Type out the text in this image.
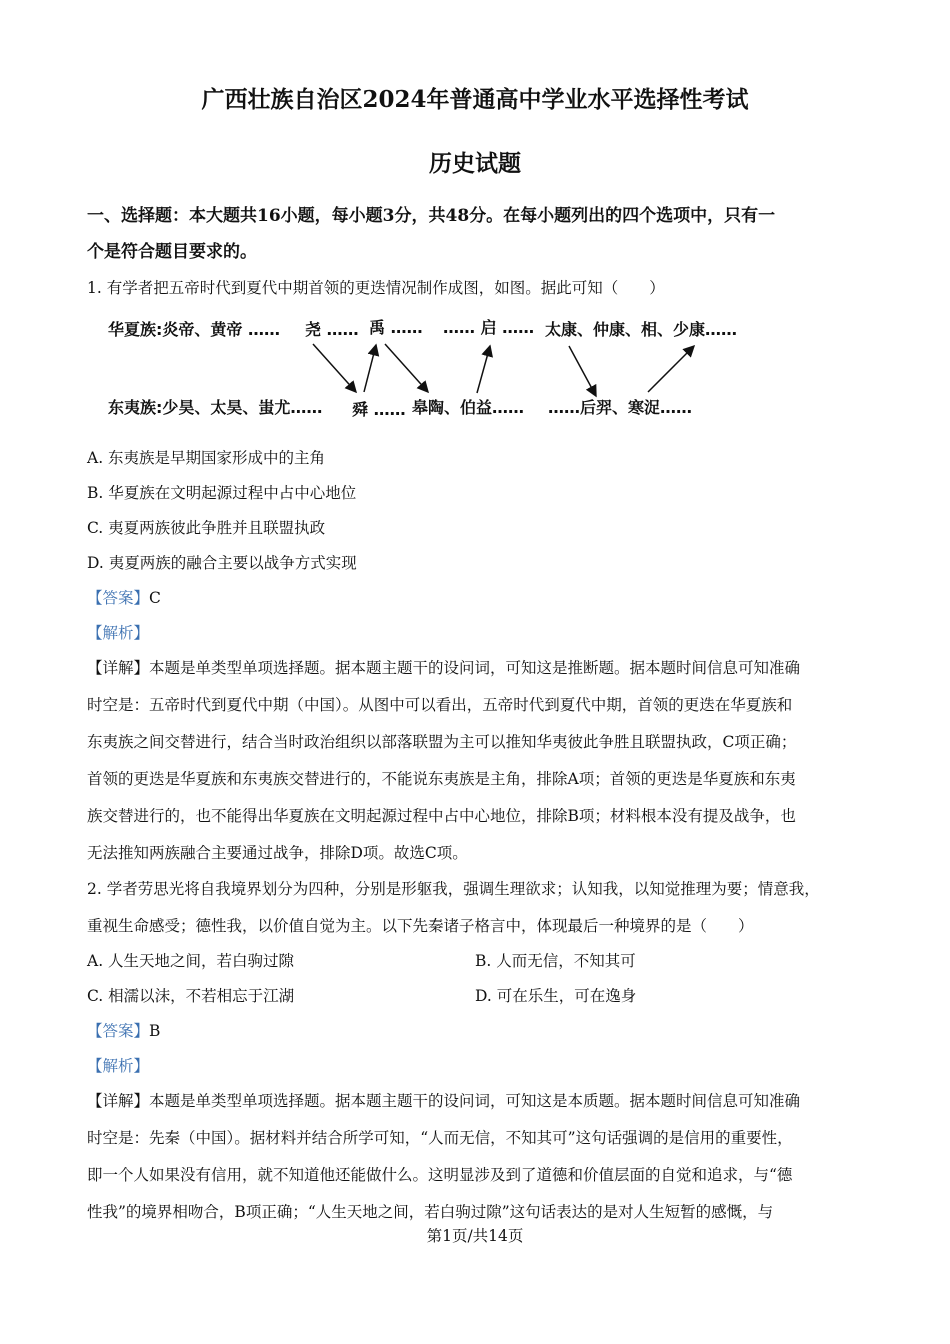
广西壮族自治区2024年普通高中学业水平选择性考试
历史试题
一、选择题：本大题共16小题，每小题3分，共48分。在每小题列出的四个选项中，只有一
个是符合题目要求的。
1. 有学者把五帝时代到夏代中期首领的更迭情况制作成图，如图。据此可知（　　）
华夏族:炎帝、黄帝 …… 尧 …… 禹 …… …… 启 …… 太康、仲康、相、少康……
东夷族:少昊、太昊、蚩尤…… 舜 …… 皋陶、伯益…… ……后羿、寒浞……
A. 东夷族是早期国家形成中的主角
B. 华夏族在文明起源过程中占中心地位
C. 夷夏两族彼此争胜并且联盟执政
D. 夷夏两族的融合主要以战争方式实现
【答案】C
【解析】
【详解】本题是单类型单项选择题。据本题主题干的设问词，可知这是推断题。据本题时间信息可知准确
时空是：五帝时代到夏代中期（中国）。从图中可以看出，五帝时代到夏代中期，首领的更迭在华夏族和
东夷族之间交替进行，结合当时政治组织以部落联盟为主可以推知华夷彼此争胜且联盟执政，C项正确；
首领的更迭是华夏族和东夷族交替进行的，不能说东夷族是主角，排除A项；首领的更迭是华夏族和东夷
族交替进行的，也不能得出华夏族在文明起源过程中占中心地位，排除B项；材料根本没有提及战争，也
无法推知两族融合主要通过战争，排除D项。故选C项。
2. 学者劳思光将自我境界划分为四种，分别是形躯我，强调生理欲求；认知我，以知觉推理为要；情意我，
重视生命感受；德性我，以价值自觉为主。以下先秦诸子格言中，体现最后一种境界的是（　　）
A. 人生天地之间，若白驹过隙	B. 人而无信，不知其可
C. 相濡以沫，不若相忘于江湖	D. 可在乐生，可在逸身
【答案】B
【解析】
【详解】本题是单类型单项选择题。据本题主题干的设问词，可知这是本质题。据本题时间信息可知准确
时空是：先秦（中国）。据材料并结合所学可知，“人而无信，不知其可”这句话强调的是信用的重要性，
即一个人如果没有信用，就不知道他还能做什么。这明显涉及到了道德和价值层面的自觉和追求，与“德
性我”的境界相吻合，B项正确；“人生天地之间，若白驹过隙”这句话表达的是对人生短暂的感慨，与
第1页/共14页
